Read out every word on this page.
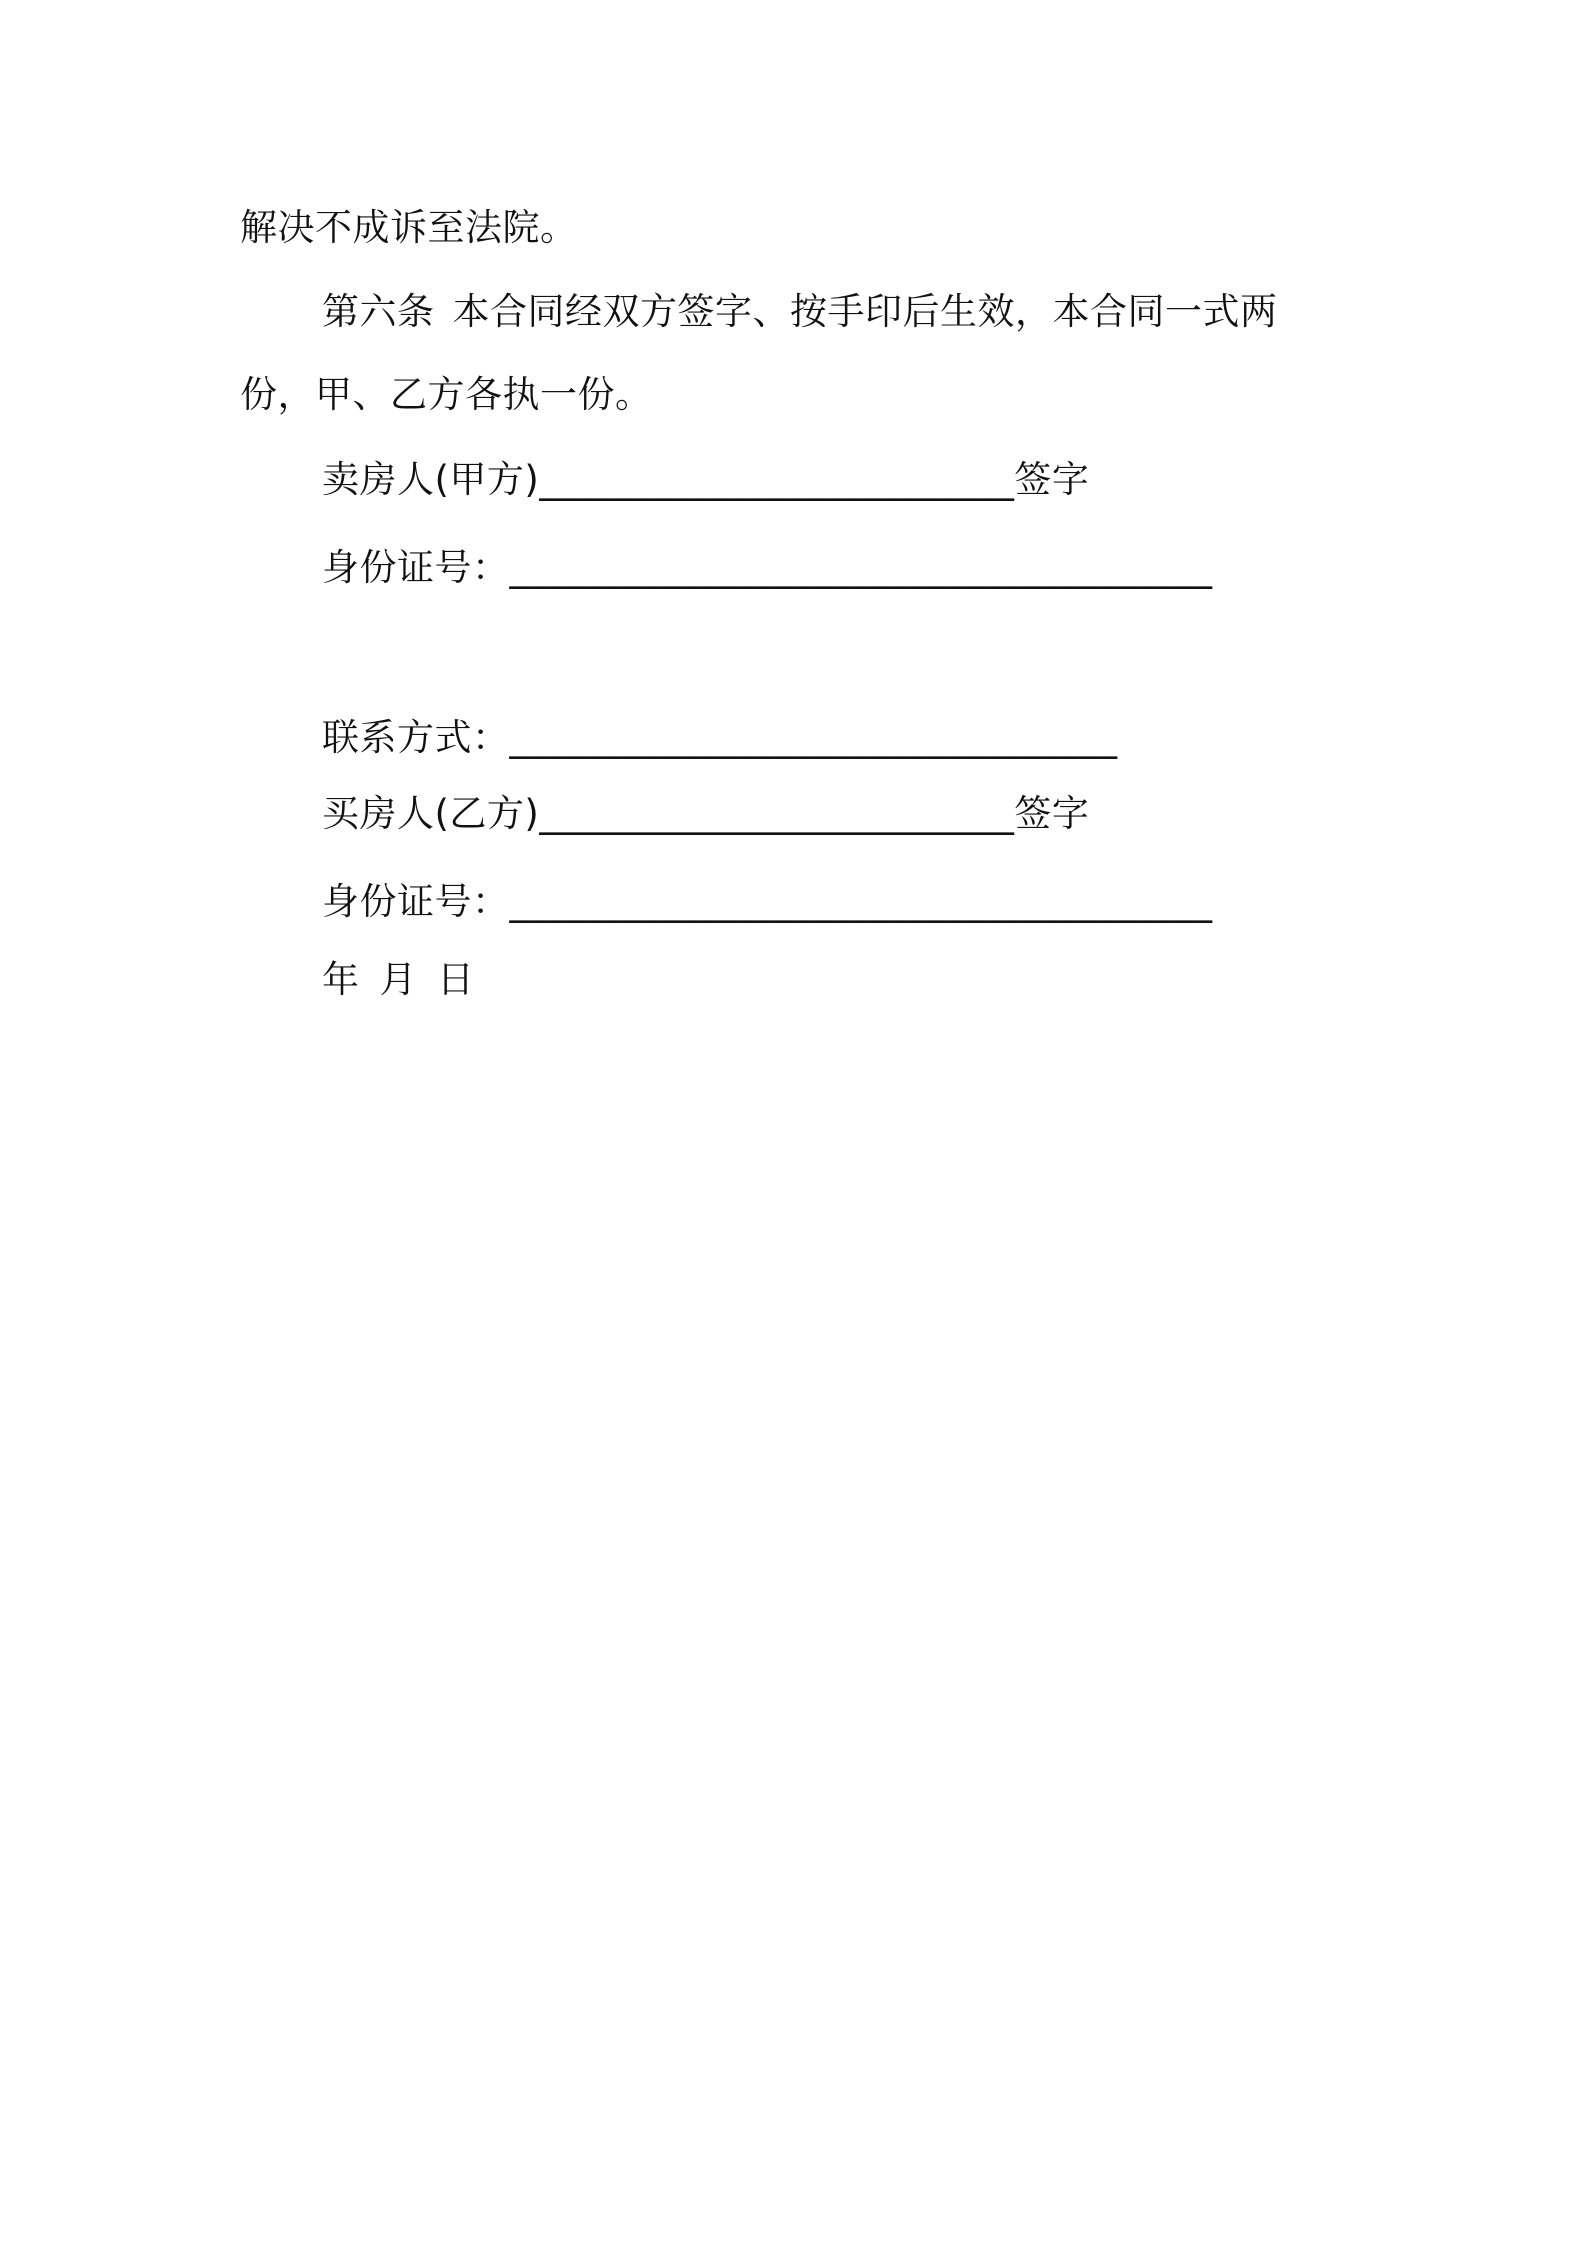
解决不成诉至法院。
第六条 本合同经双方签字、按手印后生效，本合同一式两
份，甲、乙方各执一份。
卖房人(甲方)_________________________签字
身份证号：_____________________________________
联系方式：________________________________
买房人(乙方)_________________________签字
身份证号：_____________________________________
年 月 日
